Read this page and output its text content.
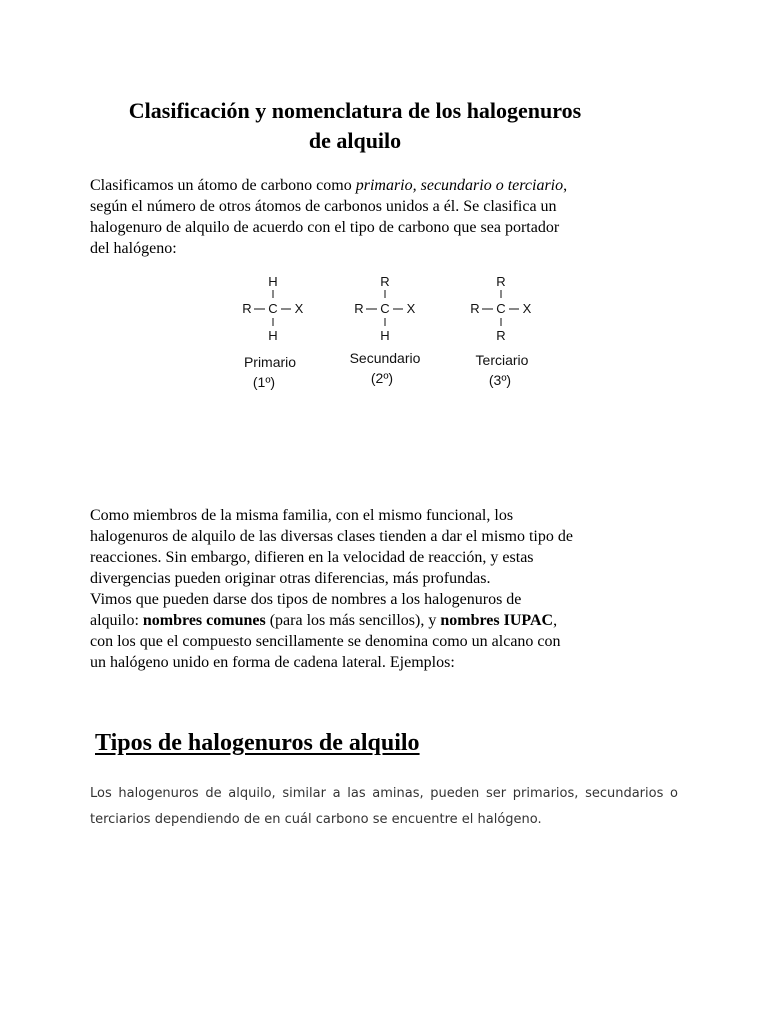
Clasificación y nomenclatura de los halogenuros
de alquilo
Clasificamos un átomo de carbono como primario, secundario o terciario,
según el número de otros átomos de carbonos unidos a él. Se clasifica un
halogenuro de alquilo de acuerdo con el tipo de carbono que sea portador
del halógeno:
H
R C X
H
Primario
(1º)
R
R C X
H
Secundario
(2º)
R
R C X
R
Terciario
(3º)
Como miembros de la misma familia, con el mismo funcional, los
halogenuros de alquilo de las diversas clases tienden a dar el mismo tipo de
reacciones. Sin embargo, difieren en la velocidad de reacción, y estas
divergencias pueden originar otras diferencias, más profundas.
Vimos que pueden darse dos tipos de nombres a los halogenuros de
alquilo: nombres comunes (para los más sencillos), y nombres IUPAC,
con los que el compuesto sencillamente se denomina como un alcano con
un halógeno unido en forma de cadena lateral. Ejemplos:
Tipos de halogenuros de alquilo
Los halogenuros de alquilo, similar a las aminas, pueden ser primarios, secundarios o terciarios dependiendo de en cuál carbono se encuentre el halógeno.
